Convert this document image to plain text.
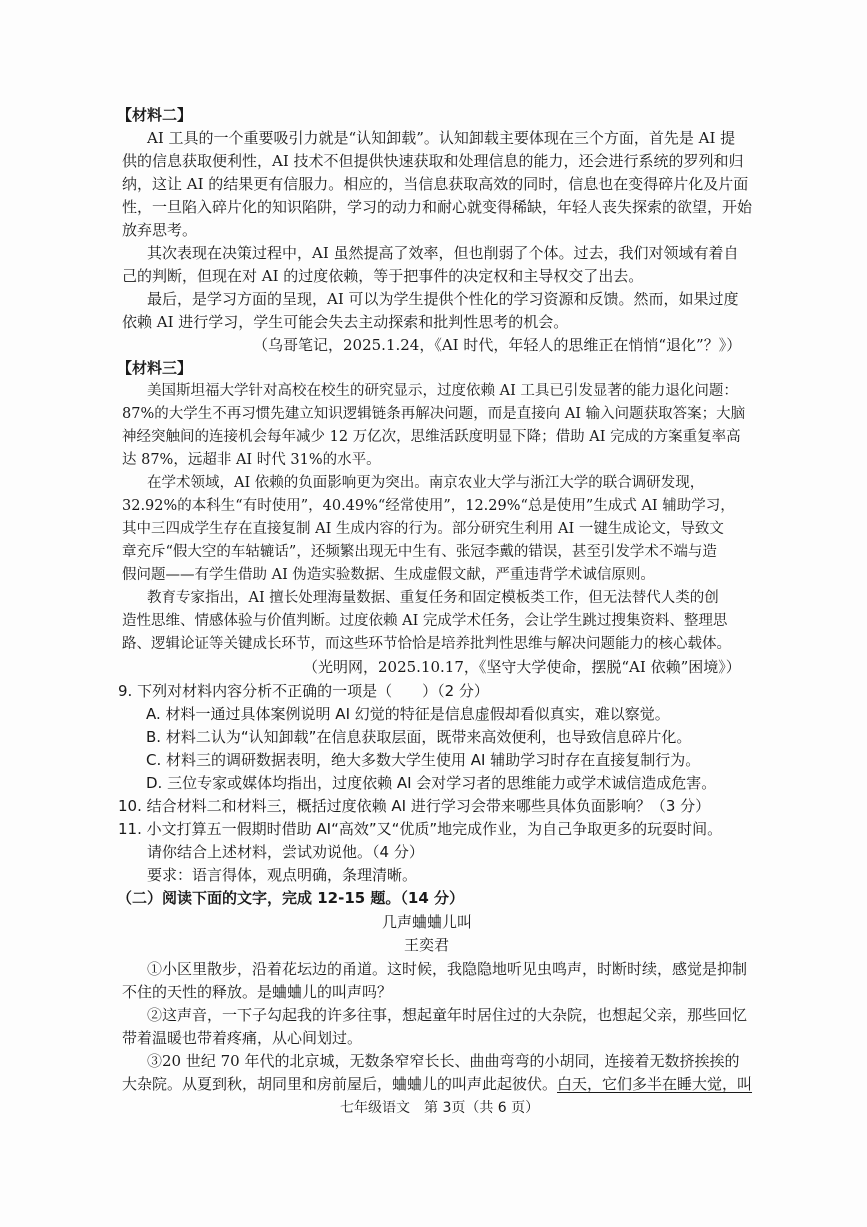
【材料二】
AI 工具的一个重要吸引力就是“认知卸载”。认知卸载主要体现在三个方面，首先是 AI 提
供的信息获取便利性，AI 技术不但提供快速获取和处理信息的能力，还会进行系统的罗列和归
纳，这让 AI 的结果更有信服力。相应的，当信息获取高效的同时，信息也在变得碎片化及片面
性，一旦陷入碎片化的知识陷阱，学习的动力和耐心就变得稀缺，年轻人丧失探索的欲望，开始
放弃思考。
其次表现在决策过程中，AI 虽然提高了效率，但也削弱了个体。过去，我们对领域有着自
己的判断，但现在对 AI 的过度依赖，等于把事件的决定权和主导权交了出去。
最后，是学习方面的呈现，AI 可以为学生提供个性化的学习资源和反馈。然而，如果过度
依赖 AI 进行学习，学生可能会失去主动探索和批判性思考的机会。
（乌哥笔记，2025.1.24，《AI 时代，年轻人的思维正在悄悄“退化”？》）
【材料三】
美国斯坦福大学针对高校在校生的研究显示，过度依赖 AI 工具已引发显著的能力退化问题：
87%的大学生不再习惯先建立知识逻辑链条再解决问题，而是直接向 AI 输入问题获取答案；大脑
神经突触间的连接机会每年减少 12 万亿次，思维活跃度明显下降；借助 AI 完成的方案重复率高
达 87%，远超非 AI 时代 31%的水平。
在学术领域，AI 依赖的负面影响更为突出。南京农业大学与浙江大学的联合调研发现，
32.92%的本科生“有时使用”，40.49%“经常使用”，12.29%“总是使用”生成式 AI 辅助学习，
其中三四成学生存在直接复制 AI 生成内容的行为。部分研究生利用 AI 一键生成论文，导致文
章充斥“假大空的车轱辘话”，还频繁出现无中生有、张冠李戴的错误，甚至引发学术不端与造
假问题——有学生借助 AI 伪造实验数据、生成虚假文献，严重违背学术诚信原则。
教育专家指出，AI 擅长处理海量数据、重复任务和固定模板类工作，但无法替代人类的创
造性思维、情感体验与价值判断。过度依赖 AI 完成学术任务，会让学生跳过搜集资料、整理思
路、逻辑论证等关键成长环节，而这些环节恰恰是培养批判性思维与解决问题能力的核心载体。
（光明网，2025.10.17，《坚守大学使命，摆脱“AI 依赖”困境》）
9. 下列对材料内容分析不正确的一项是（　　）（2 分）
A. 材料一通过具体案例说明 AI 幻觉的特征是信息虚假却看似真实，难以察觉。
B. 材料二认为“认知卸载”在信息获取层面，既带来高效便利，也导致信息碎片化。
C. 材料三的调研数据表明，绝大多数大学生使用 AI 辅助学习时存在直接复制行为。
D. 三位专家或媒体均指出，过度依赖 AI 会对学习者的思维能力或学术诚信造成危害。
10. 结合材料二和材料三，概括过度依赖 AI 进行学习会带来哪些具体负面影响？（3 分）
11. 小文打算五一假期时借助 AI“高效”又“优质”地完成作业，为自己争取更多的玩耍时间。
请你结合上述材料，尝试劝说他。（4 分）
要求：语言得体，观点明确，条理清晰。
（二）阅读下面的文字，完成 12-15 题。（14 分）
几声蛐蛐儿叫
王奕君
①小区里散步，沿着花坛边的甬道。这时候，我隐隐地听见虫鸣声，时断时续，感觉是抑制
不住的天性的释放。是蛐蛐儿的叫声吗？
②这声音，一下子勾起我的许多往事，想起童年时居住过的大杂院，也想起父亲，那些回忆
带着温暖也带着疼痛，从心间划过。
③20 世纪 70 年代的北京城，无数条窄窄长长、曲曲弯弯的小胡同，连接着无数挤挨挨的
大杂院。从夏到秋，胡同里和房前屋后，蛐蛐儿的叫声此起彼伏。白天，它们多半在睡大觉，叫
七年级语文　第 3页（共 6 页）
